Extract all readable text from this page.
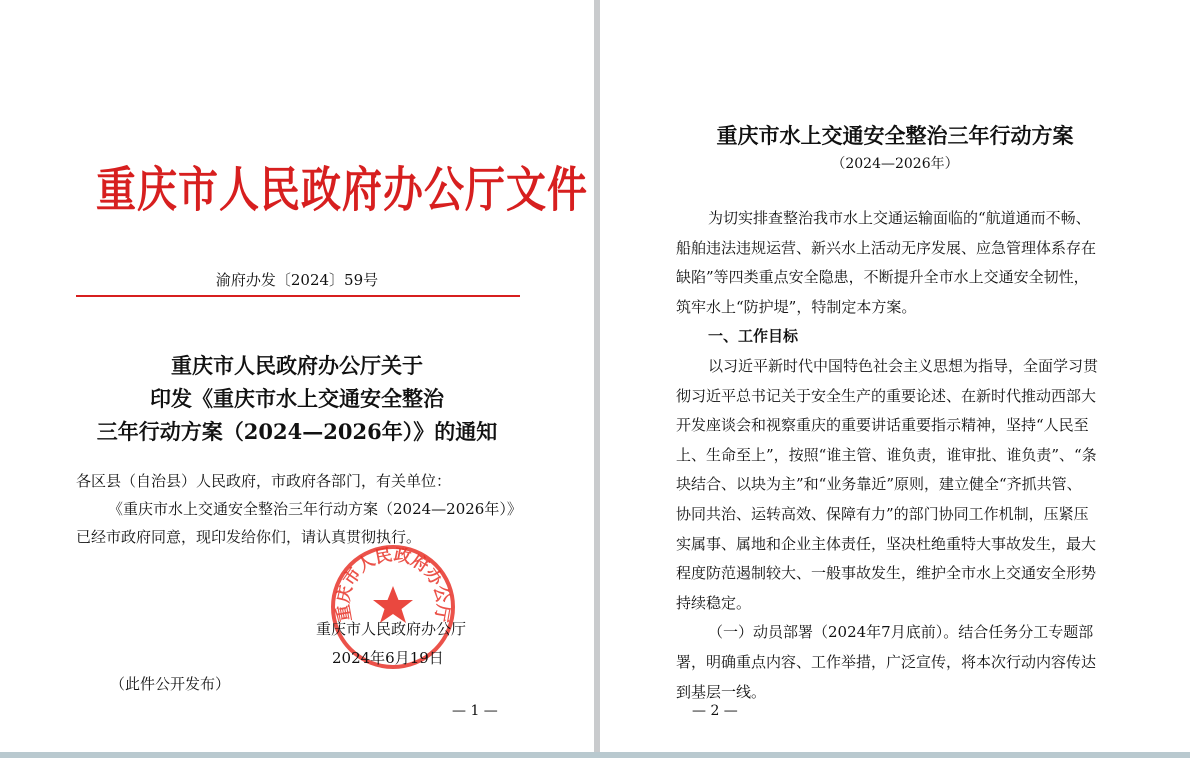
重庆市人民政府办公厅文件
渝府办发〔2024〕59号
重庆市人民政府办公厅关于
印发《重庆市水上交通安全整治
三年行动方案（2024—2026年）》的通知
各区县（自治县）人民政府，市政府各部门，有关单位：
《重庆市水上交通安全整治三年行动方案（2024—2026年）》
已经市政府同意，现印发给你们，请认真贯彻执行。
重庆市人民政府办公厅
重庆市人民政府办公厅
2024年6月19日
（此件公开发布）
— 1 —
重庆市水上交通安全整治三年行动方案
（2024—2026年）
为切实排查整治我市水上交通运输面临的“航道通而不畅、
船舶违法违规运营、新兴水上活动无序发展、应急管理体系存在
缺陷”等四类重点安全隐患，不断提升全市水上交通安全韧性，
筑牢水上“防护堤”，特制定本方案。
一、工作目标
以习近平新时代中国特色社会主义思想为指导，全面学习贯
彻习近平总书记关于安全生产的重要论述、在新时代推动西部大
开发座谈会和视察重庆的重要讲话重要指示精神，坚持“人民至
上、生命至上”，按照“谁主管、谁负责，谁审批、谁负责”、“条
块结合、以块为主”和“业务靠近”原则，建立健全“齐抓共管、
协同共治、运转高效、保障有力”的部门协同工作机制，压紧压
实属事、属地和企业主体责任，坚决杜绝重特大事故发生，最大
程度防范遏制较大、一般事故发生，维护全市水上交通安全形势
持续稳定。
（一）动员部署（2024年7月底前）。结合任务分工专题部
署，明确重点内容、工作举措，广泛宣传，将本次行动内容传达
到基层一线。
— 2 —
